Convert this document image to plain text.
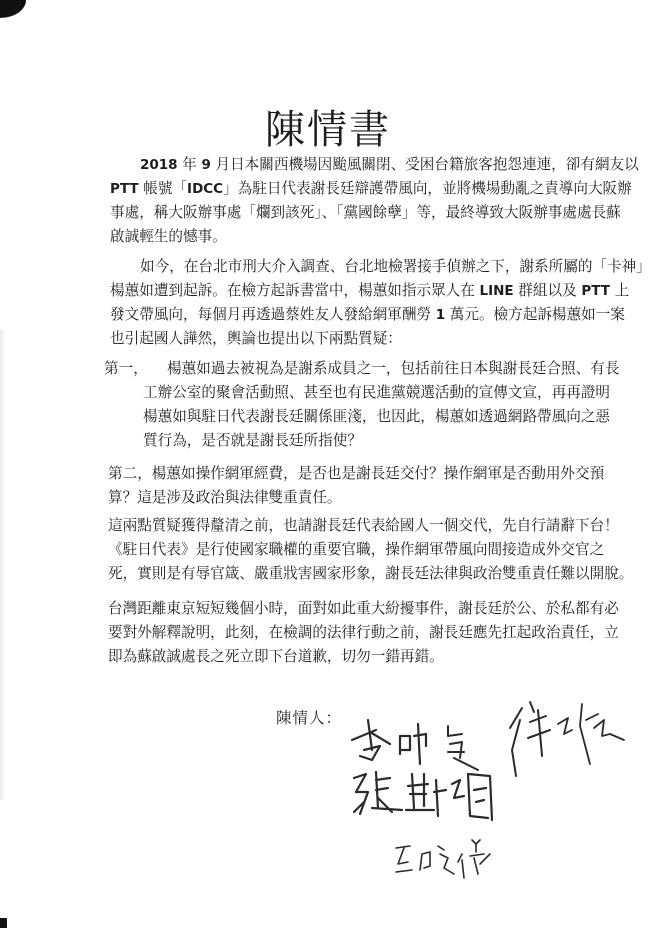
陳情書
2018 年 9 月日本關西機場因颱風關閉、受困台籍旅客抱怨連連，卻有網友以
PTT 帳號「IDCC」為駐日代表謝長廷辯護帶風向，並將機場動亂之責導向大阪辦
事處，稱大阪辦事處「爛到該死」、「黨國餘孽」等，最終導致大阪辦事處處長蘇
啟誠輕生的憾事。
如今，在台北市刑大介入調查、台北地檢署接手偵辦之下，謝系所屬的「卡神」
楊蕙如遭到起訴。在檢方起訴書當中，楊蕙如指示眾人在 LINE 群組以及 PTT 上
發文帶風向，每個月再透過蔡姓友人發給網軍酬勞 1 萬元。檢方起訴楊蕙如一案
也引起國人譁然，輿論也提出以下兩點質疑：
第一，	楊蕙如過去被視為是謝系成員之一，包括前往日本與謝長廷合照、有長
工辦公室的聚會活動照、甚至也有民進黨競選活動的宣傳文宣，再再證明
楊蕙如與駐日代表謝長廷關係匪淺，也因此，楊蕙如透過網路帶風向之惡
質行為，是否就是謝長廷所指使？
第二，楊蕙如操作網軍經費，是否也是謝長廷交付？操作網軍是否動用外交預
算？這是涉及政治與法律雙重責任。
這兩點質疑獲得釐清之前，也請謝長廷代表給國人一個交代，先自行請辭下台！
《駐日代表》是行使國家職權的重要官職，操作網軍帶風向間接造成外交官之
死，實則是有辱官箴、嚴重戕害國家形象，謝長廷法律與政治雙重責任難以開脫。
台灣距離東京短短幾個小時，面對如此重大紛擾事件，謝長廷於公、於私都有必
要對外解釋說明，此刻，在檢調的法律行動之前，謝長廷應先扛起政治責任，立
即為蘇啟誠處長之死立即下台道歉，切勿一錯再錯。
陳情人：
